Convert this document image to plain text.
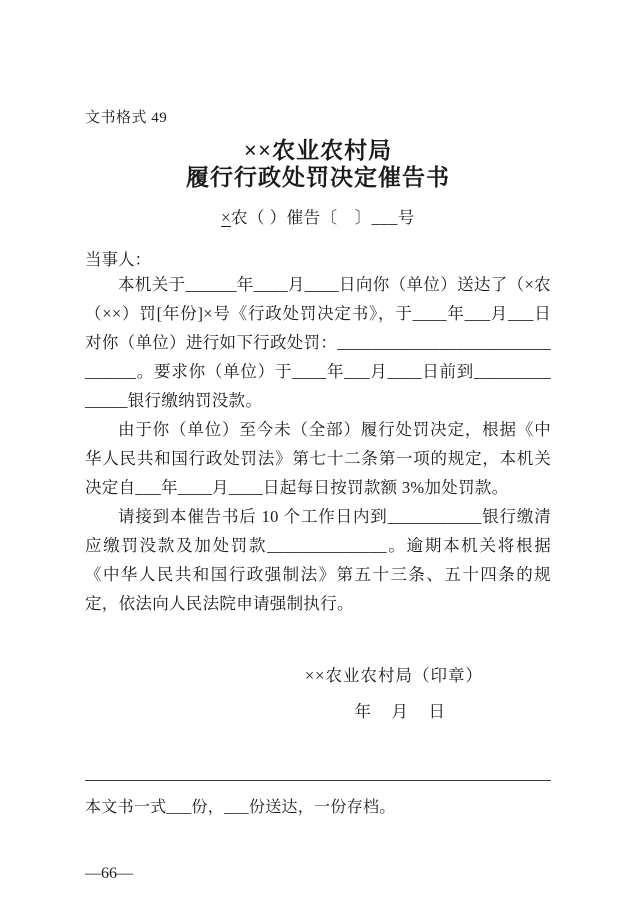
文书格式 49
××农业农村局
履行行政处罚决定催告书
×农（ ）催告〔　〕___号
当事人：

本机关于______年____月____日向你（单位）送达了（×农（××）罚[年份]×号《行政处罚决定书》，于____年___月___日对你（单位）进行如下行政处罚：_______________________________。要求你（单位）于____年___月____日前到______________银行缴纳罚没款。

由于你（单位）至今未（全部）履行处罚决定，根据《中华人民共和国行政处罚法》第七十二条第一项的规定，本机关决定自___年____月____日起每日按罚款额 3%加处罚款。

请接到本催告书后 10 个工作日内到___________银行缴清应缴罚没款及加处罚款______________。逾期本机关将根据《中华人民共和国行政强制法》第五十三条、五十四条的规定，依法向人民法院申请强制执行。

××农业农村局（印章）
年　月　日
本文书一式___份，___份送达，一份存档。
—66—
